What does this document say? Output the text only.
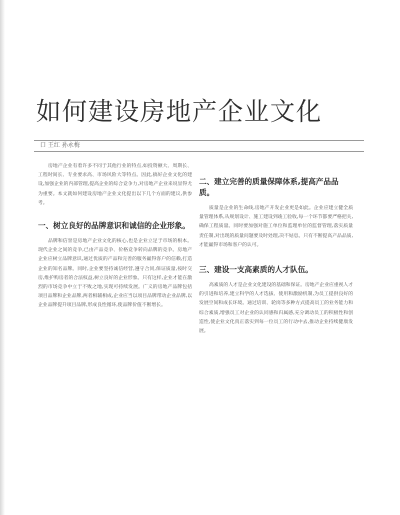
如何建设房地产企业文化
口 王红 孙永梅

房地产企业有着许多不同于其他行业的特点,如投资额大、周期长、工程时间长、专业要求高、市场风险大等特点。因此,搞好企业文化的建设,加强企业的内部管理,提高企业的综合竞争力,对房地产企业来说显得尤为重要。本文就如何建设房地产企业文化提出以下几个方面的建议,供参考。

一、树立良好的品牌意识和诚信的企业形象。

品牌和信誉是房地产企业文化的核心,也是企业立足于市场的根本。现代企业之间的竞争,已由产品竞争、价格竞争转向品牌的竞争。房地产企业应树立品牌意识,通过优质的产品和完善的服务赢得客户的信赖,打造企业的知名品牌。同时,企业要坚持诚信经营,遵守合同,保证质量,按时交房,维护购房者的合法权益,树立良好的企业形象。只有这样,企业才能在激烈的市场竞争中立于不败之地,实现可持续发展。广义的房地产品牌包括项目品牌和企业品牌,两者相辅相成,企业应当以项目品牌带动企业品牌,以企业品牌提升项目品牌,形成良性循环,使品牌价值不断增长。

二、建立完善的质量保障体系,提高产品品质。

质量是企业的生命线,房地产开发企业更是如此。企业应建立健全质量管理体系,从规划设计、施工建设到竣工验收,每一个环节都要严格把关,确保工程质量。同时要加强对施工单位和监理单位的监督管理,落实质量责任制,对出现的质量问题要及时处理,决不姑息。只有不断提高产品品质,才能赢得市场和客户的认可。

三、建设一支高素质的人才队伍。

高素质的人才是企业文化建设的基础和保证。房地产企业应重视人才的引进和培养,建立科学的人才选拔、使用和激励机制,为员工提供良好的发展空间和成长环境。通过培训、轮岗等多种方式提高员工的业务能力和综合素质,增强员工对企业的认同感和归属感,充分调动员工的积极性和创造性,使企业文化真正落实到每一位员工的行动中去,推动企业持续健康发展。
